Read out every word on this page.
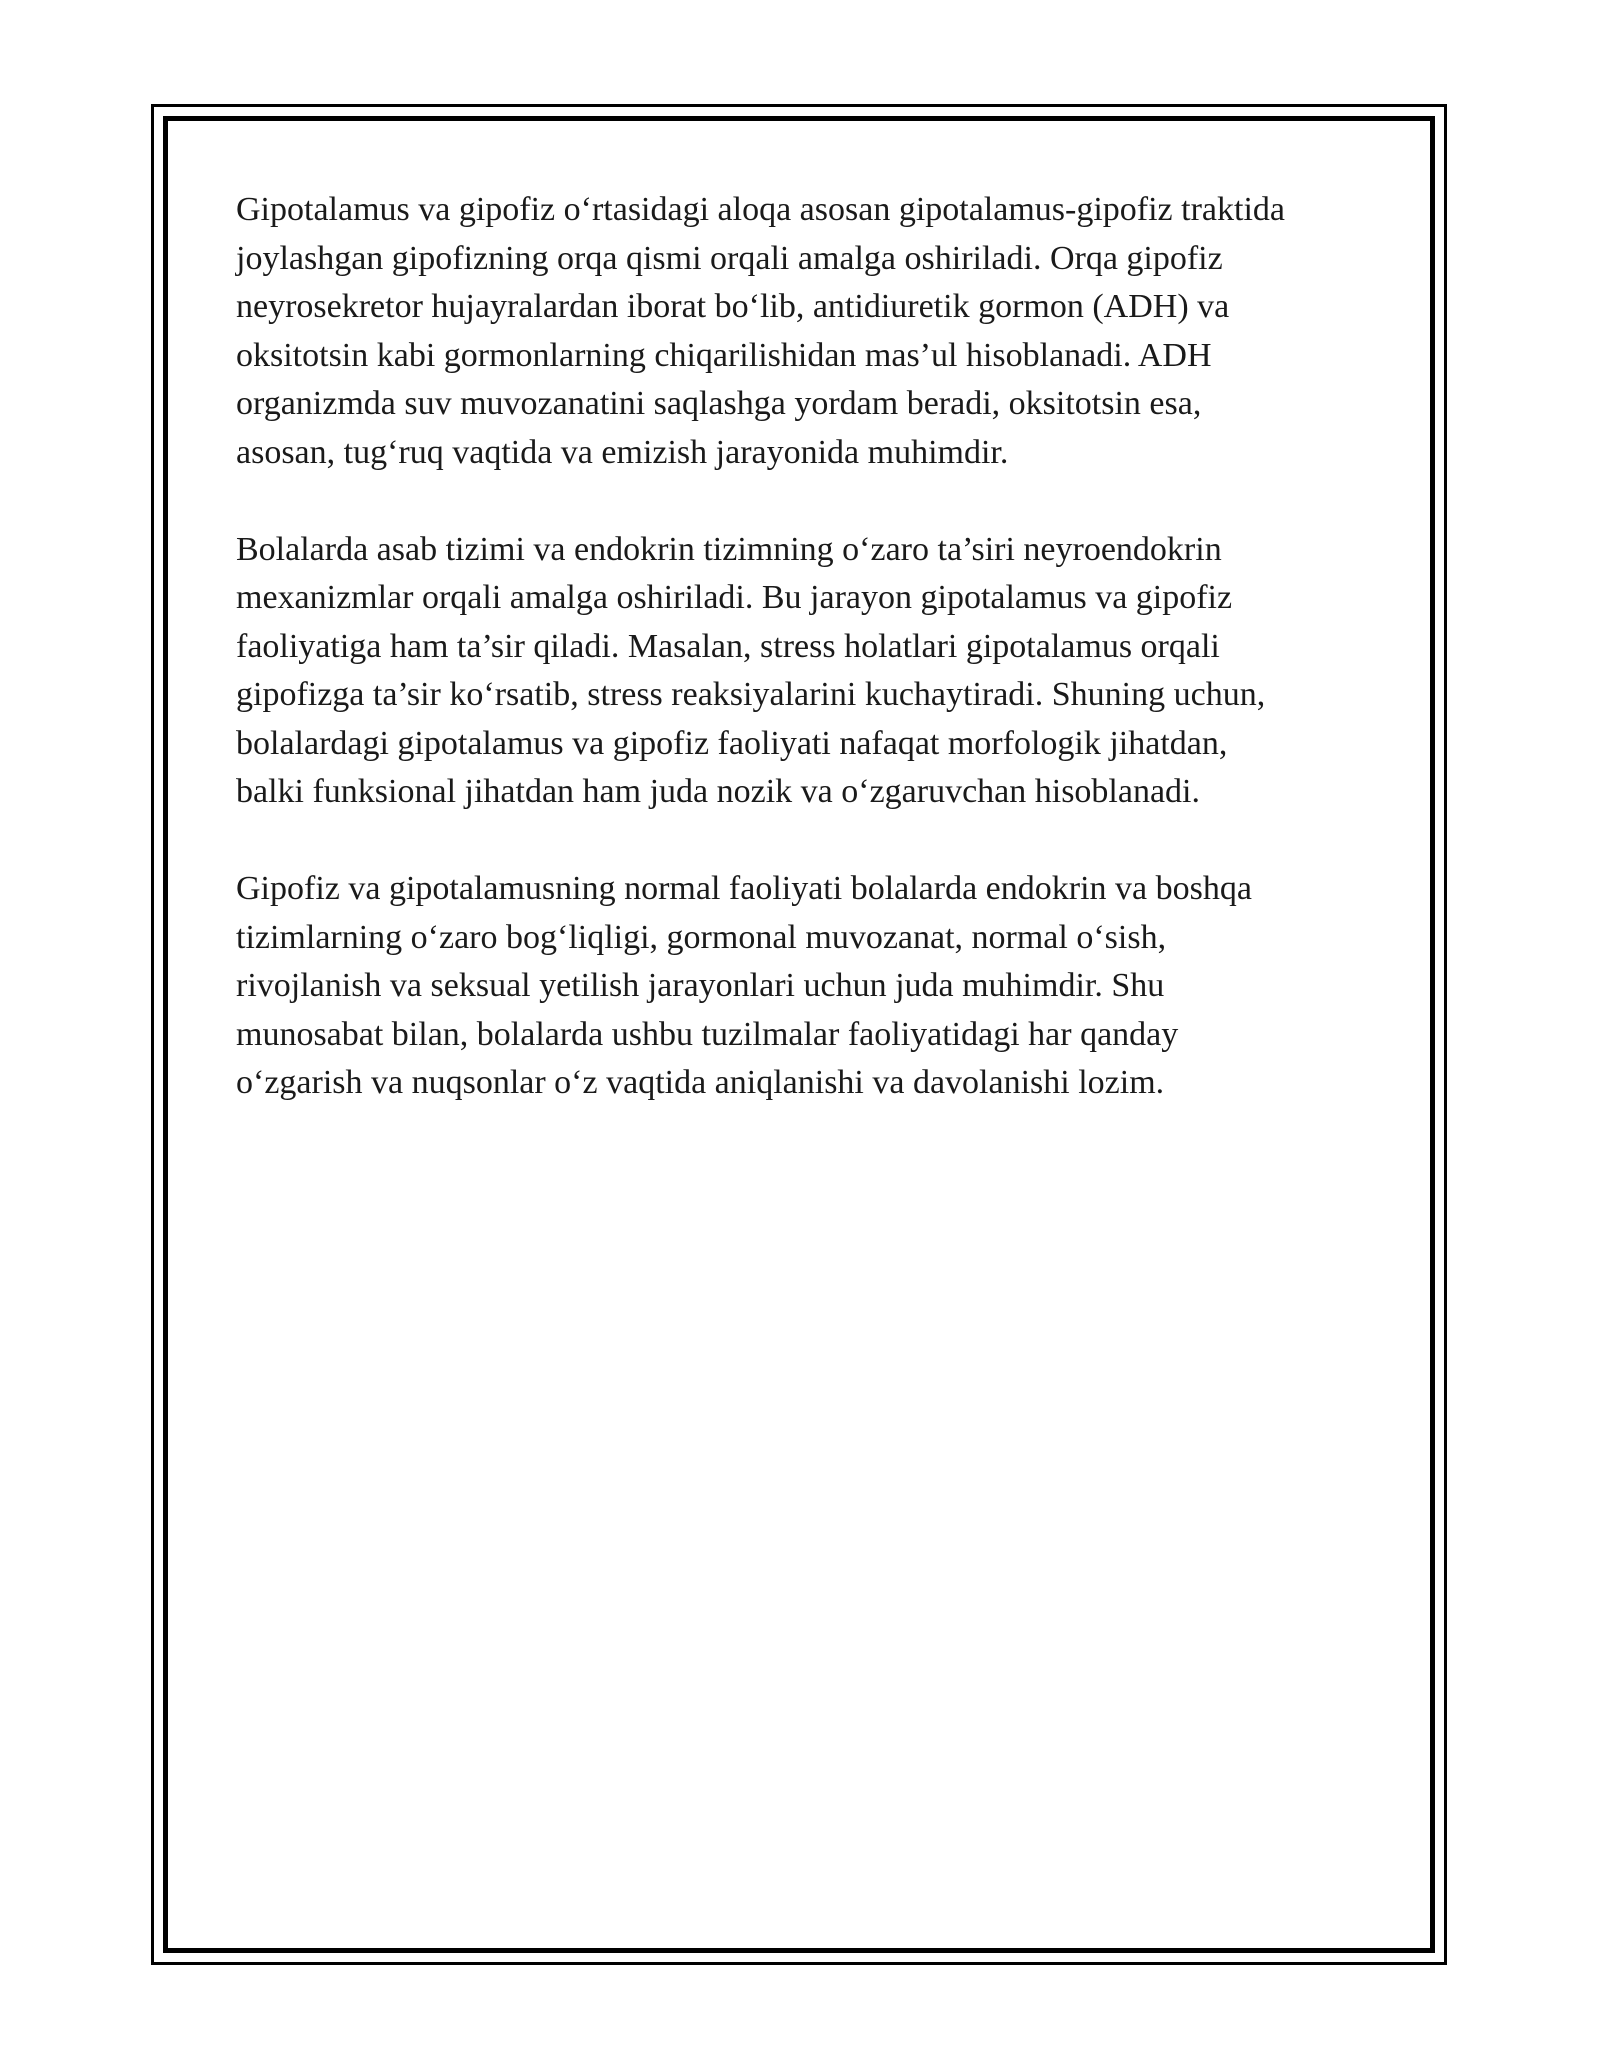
Gipotalamus va gipofiz o‘rtasidagi aloqa asosan gipotalamus-gipofiz traktida
joylashgan gipofizning orqa qismi orqali amalga oshiriladi. Orqa gipofiz
neyrosekretor hujayralardan iborat bo‘lib, antidiuretik gormon (ADH) va
oksitotsin kabi gormonlarning chiqarilishidan mas’ul hisoblanadi. ADH
organizmda suv muvozanatini saqlashga yordam beradi, oksitotsin esa,
asosan, tug‘ruq vaqtida va emizish jarayonida muhimdir.

Bolalarda asab tizimi va endokrin tizimning o‘zaro ta’siri neyroendokrin
mexanizmlar orqali amalga oshiriladi. Bu jarayon gipotalamus va gipofiz
faoliyatiga ham ta’sir qiladi. Masalan, stress holatlari gipotalamus orqali
gipofizga ta’sir ko‘rsatib, stress reaksiyalarini kuchaytiradi. Shuning uchun,
bolalardagi gipotalamus va gipofiz faoliyati nafaqat morfologik jihatdan,
balki funksional jihatdan ham juda nozik va o‘zgaruvchan hisoblanadi.

Gipofiz va gipotalamusning normal faoliyati bolalarda endokrin va boshqa
tizimlarning o‘zaro bog‘liqligi, gormonal muvozanat, normal o‘sish,
rivojlanish va seksual yetilish jarayonlari uchun juda muhimdir. Shu
munosabat bilan, bolalarda ushbu tuzilmalar faoliyatidagi har qanday
o‘zgarish va nuqsonlar o‘z vaqtida aniqlanishi va davolanishi lozim.
